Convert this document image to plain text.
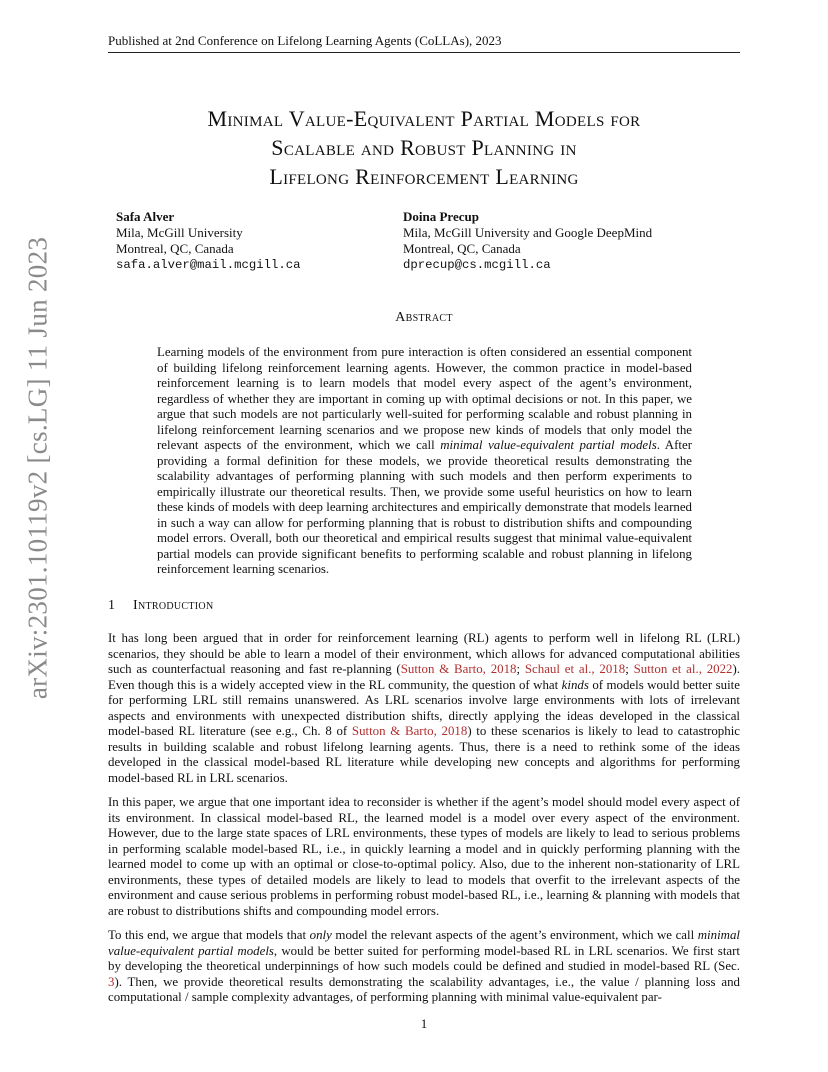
Published at 2nd Conference on Lifelong Learning Agents (CoLLAs), 2023
arXiv:2301.10119v2 [cs.LG] 11 Jun 2023
Minimal Value-Equivalent Partial Models for
Scalable and Robust Planning in
Lifelong Reinforcement Learning
Safa Alver
Mila, McGill University
Montreal, QC, Canada
safa.alver@mail.mcgill.ca
Doina Precup
Mila, McGill University and Google DeepMind
Montreal, QC, Canada
dprecup@cs.mcgill.ca
Abstract
Learning models of the environment from pure interaction is often considered an essential component of building lifelong reinforcement learning agents. However, the common practice in model-based reinforcement learning is to learn models that model every aspect of the agent’s environment, regardless of whether they are important in coming up with optimal decisions or not. In this paper, we argue that such models are not particularly well-suited for performing scalable and robust planning in lifelong reinforcement learning scenarios and we propose new kinds of models that only model the relevant aspects of the environment, which we call minimal value-equivalent partial models. After providing a formal definition for these models, we provide theoretical results demonstrating the scalability advantages of performing planning with such models and then perform experiments to empirically illustrate our theoretical results. Then, we provide some useful heuristics on how to learn these kinds of models with deep learning architectures and empirically demonstrate that models learned in such a way can allow for performing planning that is robust to distribution shifts and compounding model errors. Overall, both our theoretical and empirical results suggest that minimal value-equivalent partial models can provide significant benefits to performing scalable and robust planning in lifelong reinforcement learning scenarios.
1 Introduction

It has long been argued that in order for reinforcement learning (RL) agents to perform well in lifelong RL (LRL) scenarios, they should be able to learn a model of their environment, which allows for advanced computational abilities such as counterfactual reasoning and fast re-planning (Sutton & Barto, 2018; Schaul et al., 2018; Sutton et al., 2022). Even though this is a widely accepted view in the RL community, the question of what kinds of models would better suite for performing LRL still remains unanswered. As LRL scenarios involve large environments with lots of irrelevant aspects and environments with unexpected distribution shifts, directly applying the ideas developed in the classical model-based RL literature (see e.g., Ch. 8 of Sutton & Barto, 2018) to these scenarios is likely to lead to catastrophic results in building scalable and robust lifelong learning agents. Thus, there is a need to rethink some of the ideas developed in the classical model-based RL literature while developing new concepts and algorithms for performing model-based RL in LRL scenarios.

In this paper, we argue that one important idea to reconsider is whether if the agent’s model should model every aspect of its environment. In classical model-based RL, the learned model is a model over every aspect of the environment. However, due to the large state spaces of LRL environments, these types of models are likely to lead to serious problems in performing scalable model-based RL, i.e., in quickly learning a model and in quickly performing planning with the learned model to come up with an optimal or close-to-optimal policy. Also, due to the inherent non-stationarity of LRL environments, these types of detailed models are likely to lead to models that overfit to the irrelevant aspects of the environment and cause serious problems in performing robust model-based RL, i.e., learning & planning with models that are robust to distributions shifts and compounding model errors.

To this end, we argue that models that only model the relevant aspects of the agent’s environment, which we call minimal value-equivalent partial models, would be better suited for performing model-based RL in LRL scenarios. We first start by developing the theoretical underpinnings of how such models could be defined and studied in model-based RL (Sec. 3). Then, we provide theoretical results demonstrating the scalability advantages, i.e., the value / planning loss and computational / sample complexity advantages, of performing planning with minimal value-equivalent par-

1
